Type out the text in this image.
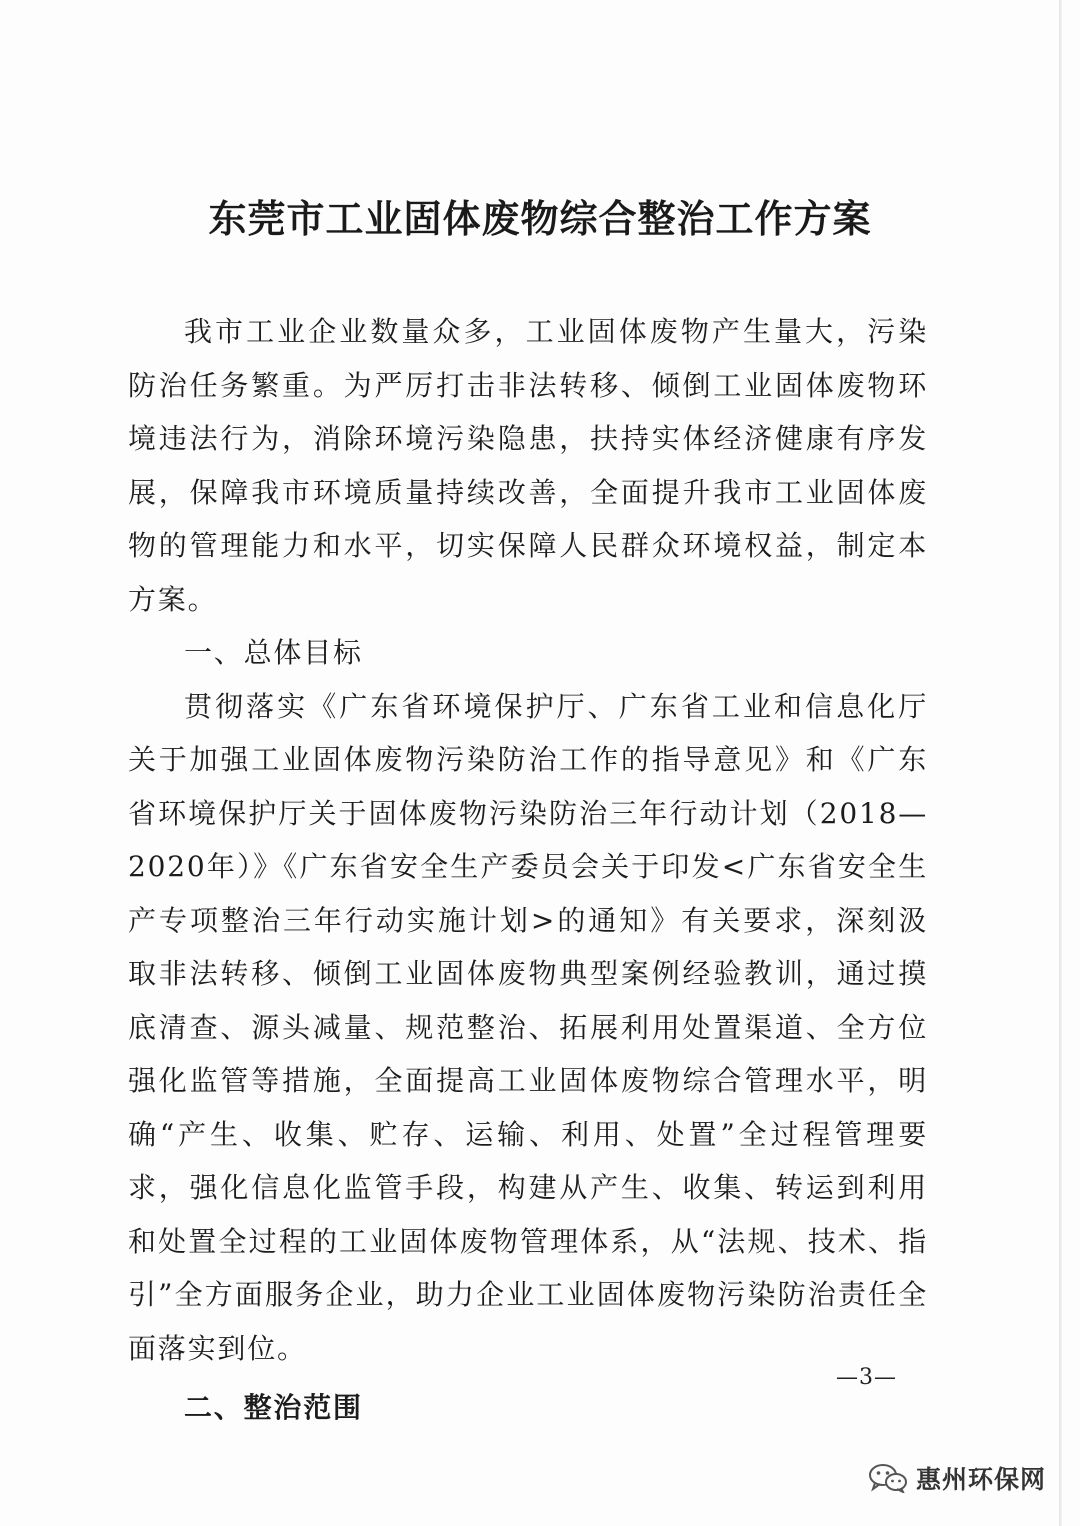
东莞市工业固体废物综合整治工作方案

我市工业企业数量众多，工业固体废物产生量大，污染防治任务繁重。为严厉打击非法转移、倾倒工业固体废物环境违法行为，消除环境污染隐患，扶持实体经济健康有序发展，保障我市环境质量持续改善，全面提升我市工业固体废物的管理能力和水平，切实保障人民群众环境权益，制定本方案。

一、总体目标

贯彻落实《广东省环境保护厅、广东省工业和信息化厅关于加强工业固体废物污染防治工作的指导意见》和《广东省环境保护厅关于固体废物污染防治三年行动计划（2018—2020年）》《广东省安全生产委员会关于印发<广东省安全生产专项整治三年行动实施计划>的通知》有关要求，深刻汲取非法转移、倾倒工业固体废物典型案例经验教训，通过摸底清查、源头减量、规范整治、拓展利用处置渠道、全方位强化监管等措施，全面提高工业固体废物综合管理水平，明确“产生、收集、贮存、运输、利用、处置”全过程管理要求，强化信息化监管手段，构建从产生、收集、转运到利用和处置全过程的工业固体废物管理体系，从“法规、技术、指引”全方面服务企业，助力企业工业固体废物污染防治责任全面落实到位。

二、整治范围

—3—
惠州环保网
